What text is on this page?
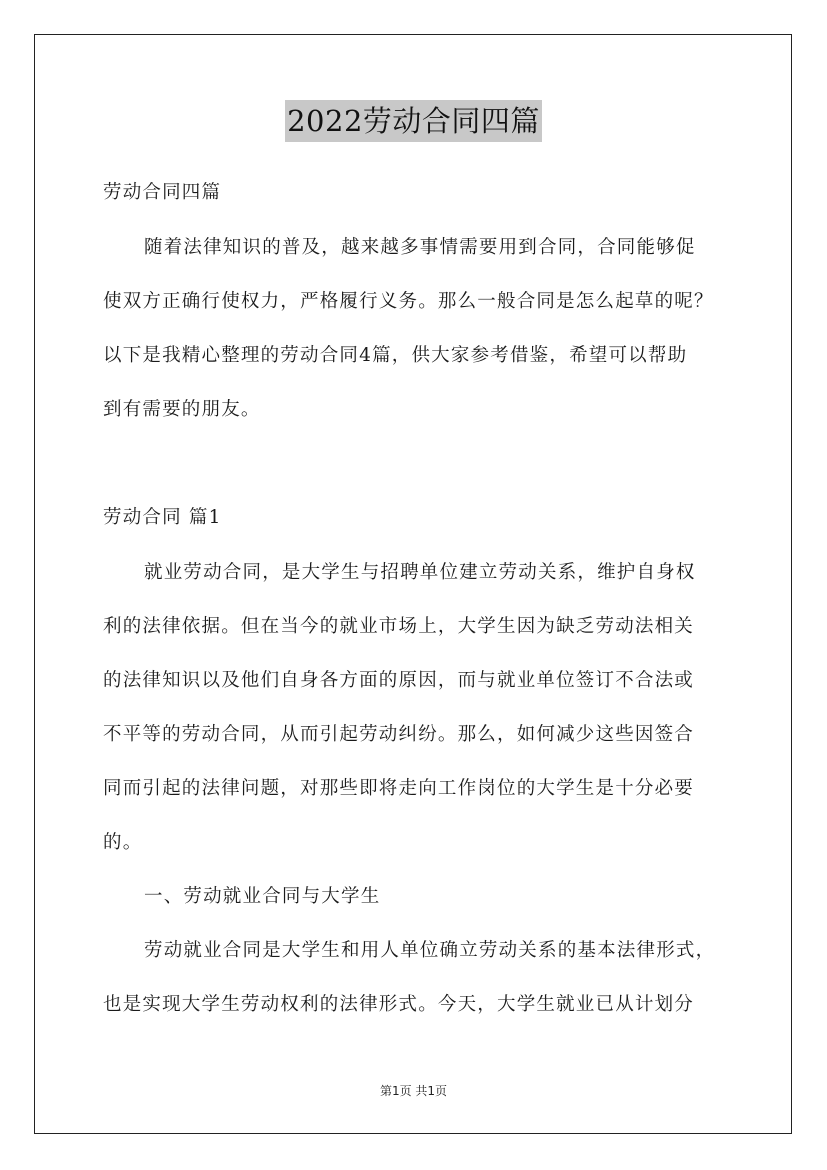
2022劳动合同四篇
劳动合同四篇
随着法律知识的普及，越来越多事情需要用到合同，合同能够促
使双方正确行使权力，严格履行义务。那么一般合同是怎么起草的呢？
以下是我精心整理的劳动合同4篇，供大家参考借鉴，希望可以帮助
到有需要的朋友。
劳动合同 篇1
就业劳动合同，是大学生与招聘单位建立劳动关系，维护自身权
利的法律依据。但在当今的就业市场上，大学生因为缺乏劳动法相关
的法律知识以及他们自身各方面的原因，而与就业单位签订不合法或
不平等的劳动合同，从而引起劳动纠纷。那么，如何减少这些因签合
同而引起的法律问题，对那些即将走向工作岗位的大学生是十分必要
的。
一、劳动就业合同与大学生
劳动就业合同是大学生和用人单位确立劳动关系的基本法律形式，
也是实现大学生劳动权利的法律形式。今天，大学生就业已从计划分
第1页 共1页
